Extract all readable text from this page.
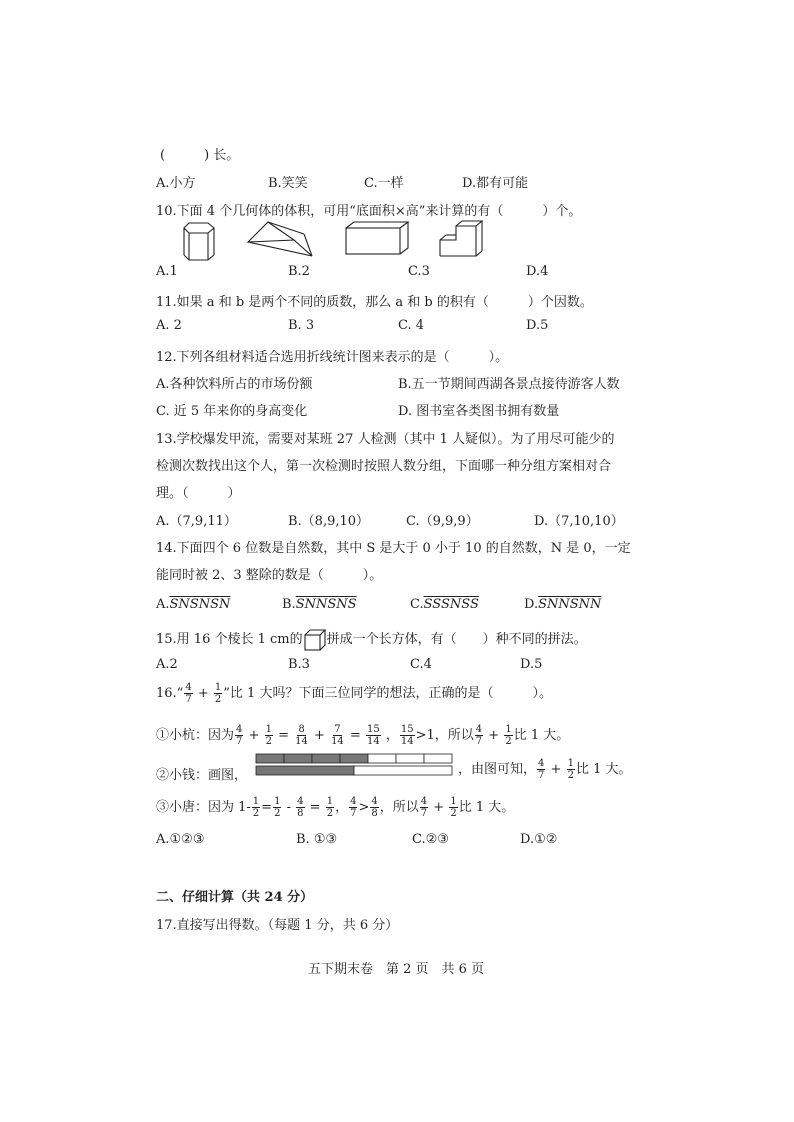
(　　　) 长。
A.小方	B.笑笑	C.一样	D.都有可能
10.下面 4 个几何体的体积，可用“底面积×高”来计算的有（　　　）个。
A.1	B.2	C.3	D.4
11.如果 a 和 b 是两个不同的质数，那么 a 和 b 的积有（　　　）个因数。
A. 2	B. 3	C. 4	D.5
12.下列各组材料适合选用折线统计图来表示的是（　　　）。
A.各种饮料所占的市场份额	B.五一节期间西湖各景点接待游客人数
C. 近 5 年来你的身高变化	D. 图书室各类图书拥有数量
13.学校爆发甲流，需要对某班 27 人检测（其中 1 人疑似）。为了用尽可能少的
检测次数找出这个人，第一次检测时按照人数分组，下面哪一种分组方案相对合
理。（　　　）
A.（7,9,11）	B.（8,9,10）	C.（9,9,9）	D.（7,10,10）
14.下面四个 6 位数是自然数，其中 S 是大于 0 小于 10 的自然数，N 是 0，一定
能同时被 2、3 整除的数是（　　　）。
A.SNSNSN	B.SNNSNS	C.SSSNSS	D.SNNSNN
15.用 16 个棱长 1 cm的 拼成一个长方体，有（　　）种不同的拼法。
A.2	B.3	C.4	D.5
16.“ $\frac{4}{7} + \frac{1}{2}$ ”比 1 大吗？下面三位同学的想法，正确的是（　　　）。
①小杭：因为 $\frac{4}{7} + \frac{1}{2} = \frac{8}{14} + \frac{7}{14} = \frac{15}{14}$ ， $\frac{15}{14} >1$，所以 $\frac{4}{7} + \frac{1}{2}$ 比 1 大。
②小钱：画图，	，由图可知， $\frac{4}{7} + \frac{1}{2}$ 比 1 大。
③小唐：因为 $1- \frac{1}{2} = \frac{1}{2} - \frac{4}{8} = \frac{1}{2}$ ， $\frac{4}{7} > \frac{4}{8}$ ，所以 $\frac{4}{7} + \frac{1}{2}$ 比 1 大。
A.①②③	B. ①③	C.②③	D.①②
二、仔细计算（共 24 分）
17.直接写出得数。（每题 1 分，共 6 分）
五下期末卷　第 2 页　共 6 页
